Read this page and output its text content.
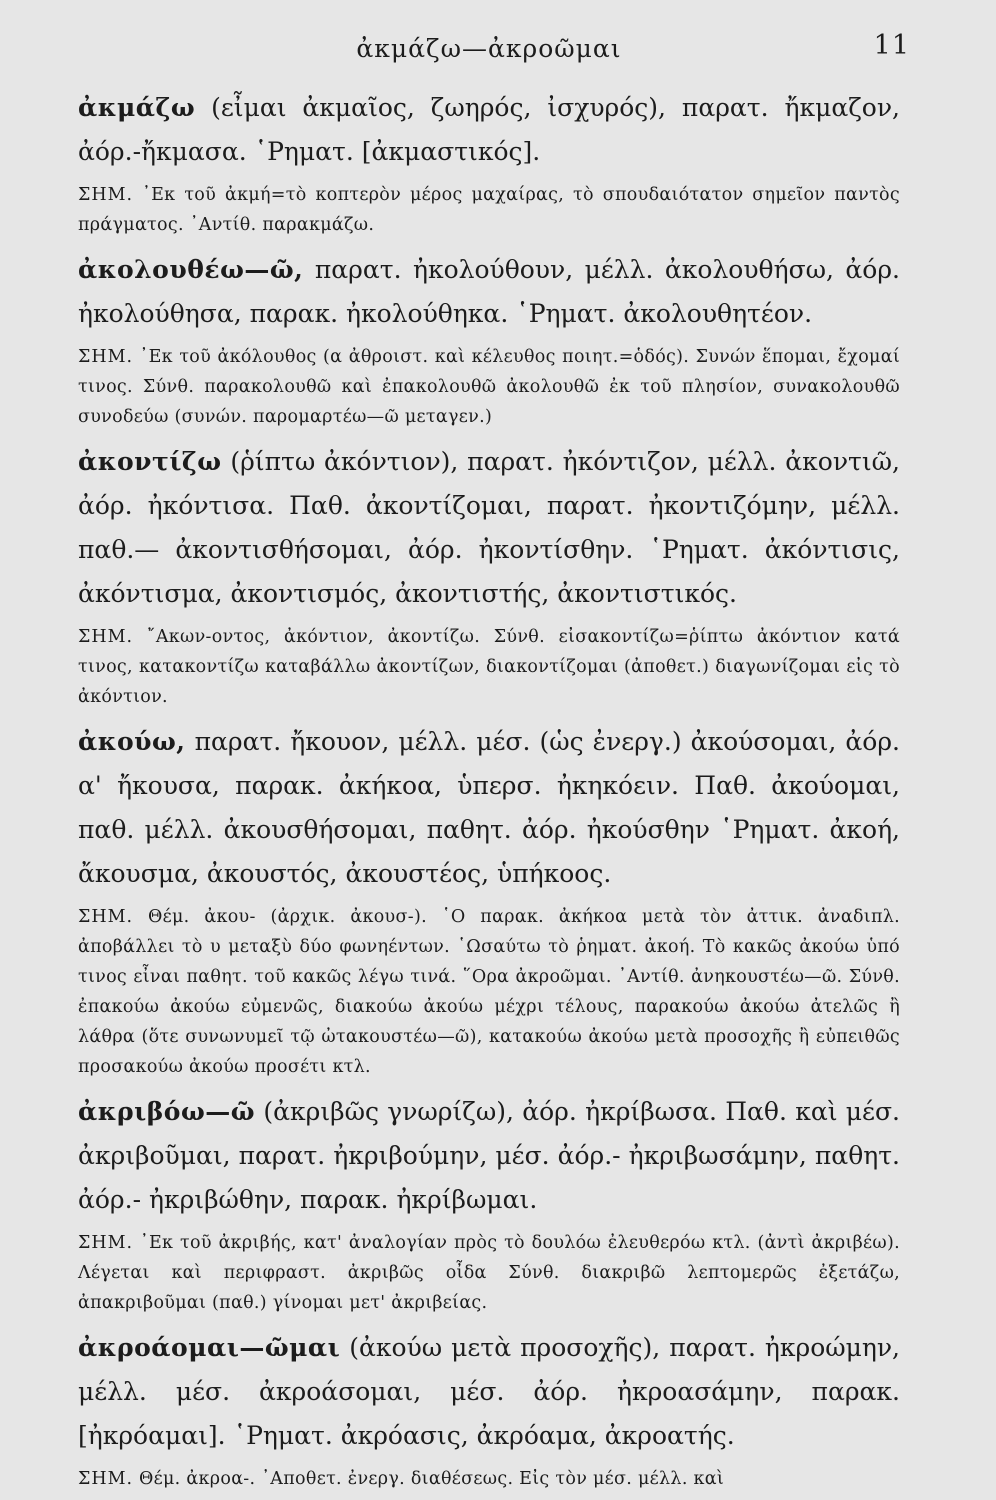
ἀκμάζω—ἀκροῶμαι	11
ἀκμάζω (εἶμαι ἀκμαῖος, ζωηρός, ἰσχυρός), παρατ. ἤκμαζον, ἀόρ.-ἤκμασα. ῾Ρηματ. [ἀκμαστικός].
ΣΗΜ. ᾿Εκ τοῦ ἀκμή=τὸ κοπτερὸν μέρος μαχαίρας, τὸ σπουδαιότατον σημεῖον παντὸς πράγματος. ᾿Αντίθ. παρακμάζω.
ἀκολουθέω—ῶ, παρατ. ἠκολούθουν, μέλλ. ἀκολουθήσω, ἀόρ. ἠκολούθησα, παρακ. ἠκολούθηκα. ῾Ρηματ. ἀκολουθητέον.
ΣΗΜ. ᾿Εκ τοῦ ἀκόλουθος (α ἀθροιστ. καὶ κέλευθος ποιητ.=ὁδός). Συνών ἕπομαι, ἔχομαί τινος. Σύνθ. παρακολουθῶ καὶ ἐπακολουθῶ ἀκολουθῶ ἐκ τοῦ πλησίον, συνακολουθῶ συνοδεύω (συνών. παρομαρτέω—ῶ μεταγεν.)
ἀκοντίζω (ῥίπτω ἀκόντιον), παρατ. ἠκόντιζον, μέλλ. ἀκοντιῶ, ἀόρ. ἠκόντισα. Παθ. ἀκοντίζομαι, παρατ. ἠκοντιζόμην, μέλλ. παθ.— ἀκοντισθήσομαι, ἀόρ. ἠκοντίσθην. ῾Ρηματ. ἀκόντισις, ἀκόντισμα, ἀκοντισμός, ἀκοντιστής, ἀκοντιστικός.
ΣΗΜ. ῎Ακων-οντος, ἀκόντιον, ἀκοντίζω. Σύνθ. εἰσακοντίζω=ῥίπτω ἀκόντιον κατά τινος, κατακοντίζω καταβάλλω ἀκοντίζων, διακοντίζομαι (ἀποθετ.) διαγωνίζομαι εἰς τὸ ἀκόντιον.
ἀκούω, παρατ. ἤκουον, μέλλ. μέσ. (ὡς ἐνεργ.) ἀκούσομαι, ἀόρ. α' ἤκουσα, παρακ. ἀκήκοα, ὑπερσ. ἠκηκόειν. Παθ. ἀκούομαι, παθ. μέλλ. ἀκουσθήσομαι, παθητ. ἀόρ. ἠκούσθην ῾Ρηματ. ἀκοή, ἄκουσμα, ἀκουστός, ἀκουστέος, ὑπήκοος.
ΣΗΜ. Θέμ. ἀκου- (ἀρχικ. ἀκουσ-). ῾Ο παρακ. ἀκήκοα μετὰ τὸν ἀττικ. ἀναδιπλ. ἀποβάλλει τὸ υ μεταξὺ δύο φωνηέντων. ῾Ωσαύτω τὸ ῥηματ. ἀκοή. Τὸ κακῶς ἀκούω ὑπό τινος εἶναι παθητ. τοῦ κακῶς λέγω τινά. ῞Ορα ἀκροῶμαι. ᾿Αντίθ. ἀνηκουστέω—ῶ. Σύνθ. ἐπακούω ἀκούω εὐμενῶς, διακούω ἀκούω μέχρι τέλους, παρακούω ἀκούω ἀτελῶς ἢ λάθρα (ὅτε συνωνυμεῖ τῷ ὠτακουστέω—ῶ), κατακούω ἀκούω μετὰ προσοχῆς ἢ εὐπειθῶς προσακούω ἀκούω προσέτι κτλ.
ἀκριβόω—ῶ (ἀκριβῶς γνωρίζω), ἀόρ. ἠκρίβωσα. Παθ. καὶ μέσ. ἀκριβοῦμαι, παρατ. ἠκριβούμην, μέσ. ἀόρ.- ἠκριβωσάμην, παθητ. ἀόρ.- ἠκριβώθην, παρακ. ἠκρίβωμαι.
ΣΗΜ. ᾿Εκ τοῦ ἀκριβής, κατ' ἀναλογίαν πρὸς τὸ δουλόω ἐλευθερόω κτλ. (ἀντὶ ἀκριβέω). Λέγεται καὶ περιφραστ. ἀκριβῶς οἶδα Σύνθ. διακριβῶ λεπτομερῶς ἐξετάζω, ἀπακριβοῦμαι (παθ.) γίνομαι μετ' ἀκριβείας.
ἀκροάομαι—ῶμαι (ἀκούω μετὰ προσοχῆς), παρατ. ἠκροώμην, μέλλ. μέσ. ἀκροάσομαι, μέσ. ἀόρ. ἠκροασάμην, παρακ. [ἠκρόαμαι]. ῾Ρηματ. ἀκρόασις, ἀκρόαμα, ἀκροατής.
ΣΗΜ. Θέμ. ἀκροα-. ᾿Αποθετ. ἐνεργ. διαθέσεως. Εἰς τὸν μέσ. μέλλ. καὶ
